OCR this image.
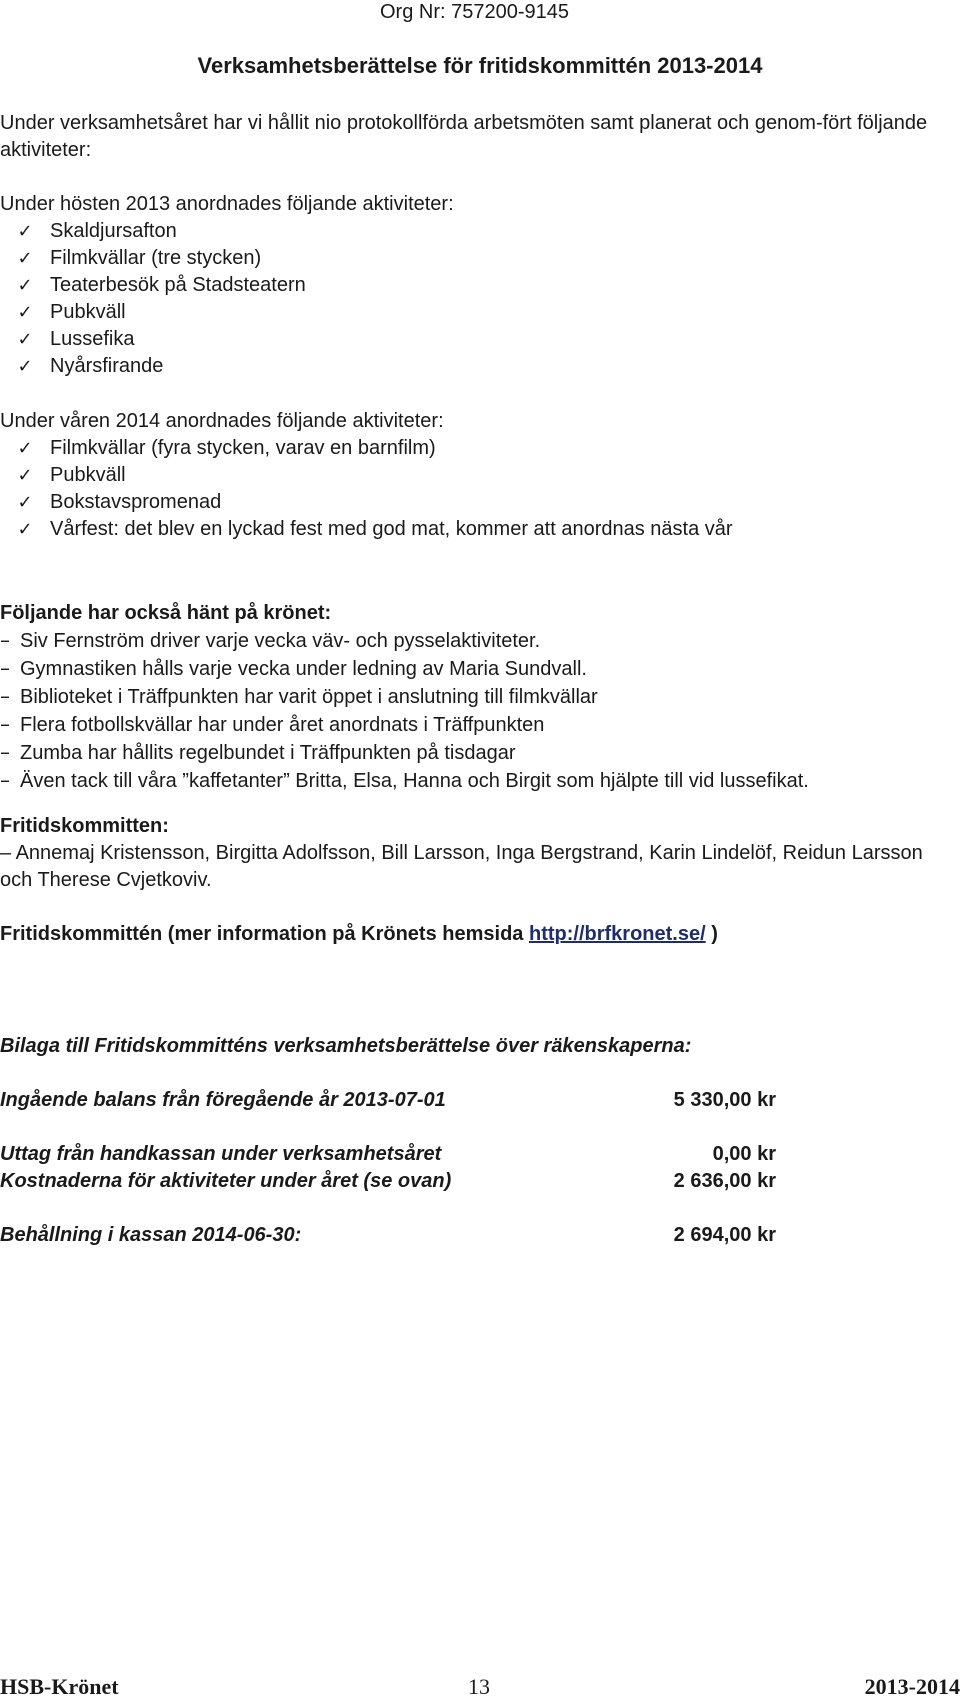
Org Nr: 757200-9145
Verksamhetsberättelse för fritidskommittén 2013-2014
Under verksamhetsåret har vi hållit nio protokollförda arbetsmöten samt planerat och genom-fört följande aktiviteter:
Under hösten 2013 anordnades följande aktiviteter:
✓ Skaldjursafton
✓ Filmkvällar (tre stycken)
✓ Teaterbesök på Stadsteatern
✓ Pubkväll
✓ Lussefika
✓ Nyårsfirande
Under våren 2014 anordnades följande aktiviteter:
✓ Filmkvällar (fyra stycken, varav en barnfilm)
✓ Pubkväll
✓ Bokstavspromenad
✓ Vårfest: det blev en lyckad fest med god mat, kommer att anordnas nästa vår
Följande har också hänt på krönet:
– Siv Fernström driver varje vecka väv- och pysselaktiviteter.
– Gymnastiken hålls varje vecka under ledning av Maria Sundvall.
– Biblioteket i Träffpunkten har varit öppet i anslutning till filmkvällar
– Flera fotbollskvällar har under året anordnats i Träffpunkten
– Zumba har hållits regelbundet i Träffpunkten på tisdagar
– Även tack till våra ”kaffetanter” Britta, Elsa, Hanna och Birgit som hjälpte till vid lussefikat.
Fritidskommitten:
– Annemaj Kristensson, Birgitta Adolfsson, Bill Larsson, Inga Bergstrand, Karin Lindelöf, Reidun Larsson och Therese Cvjetkoviv.
Fritidskommittén (mer information på Krönets hemsida http://brfkronet.se/ )
Bilaga till Fritidskommitténs verksamhetsberättelse över räkenskaperna:
Ingående balans från föregående år 2013-07-01	5 330,00 kr
Uttag från handkassan under verksamhetsåret	0,00 kr
Kostnaderna för aktiviteter under året (se ovan)	2 636,00 kr
Behållning i kassan 2014-06-30:	2 694,00 kr
HSB-Krönet	13	2013-2014
